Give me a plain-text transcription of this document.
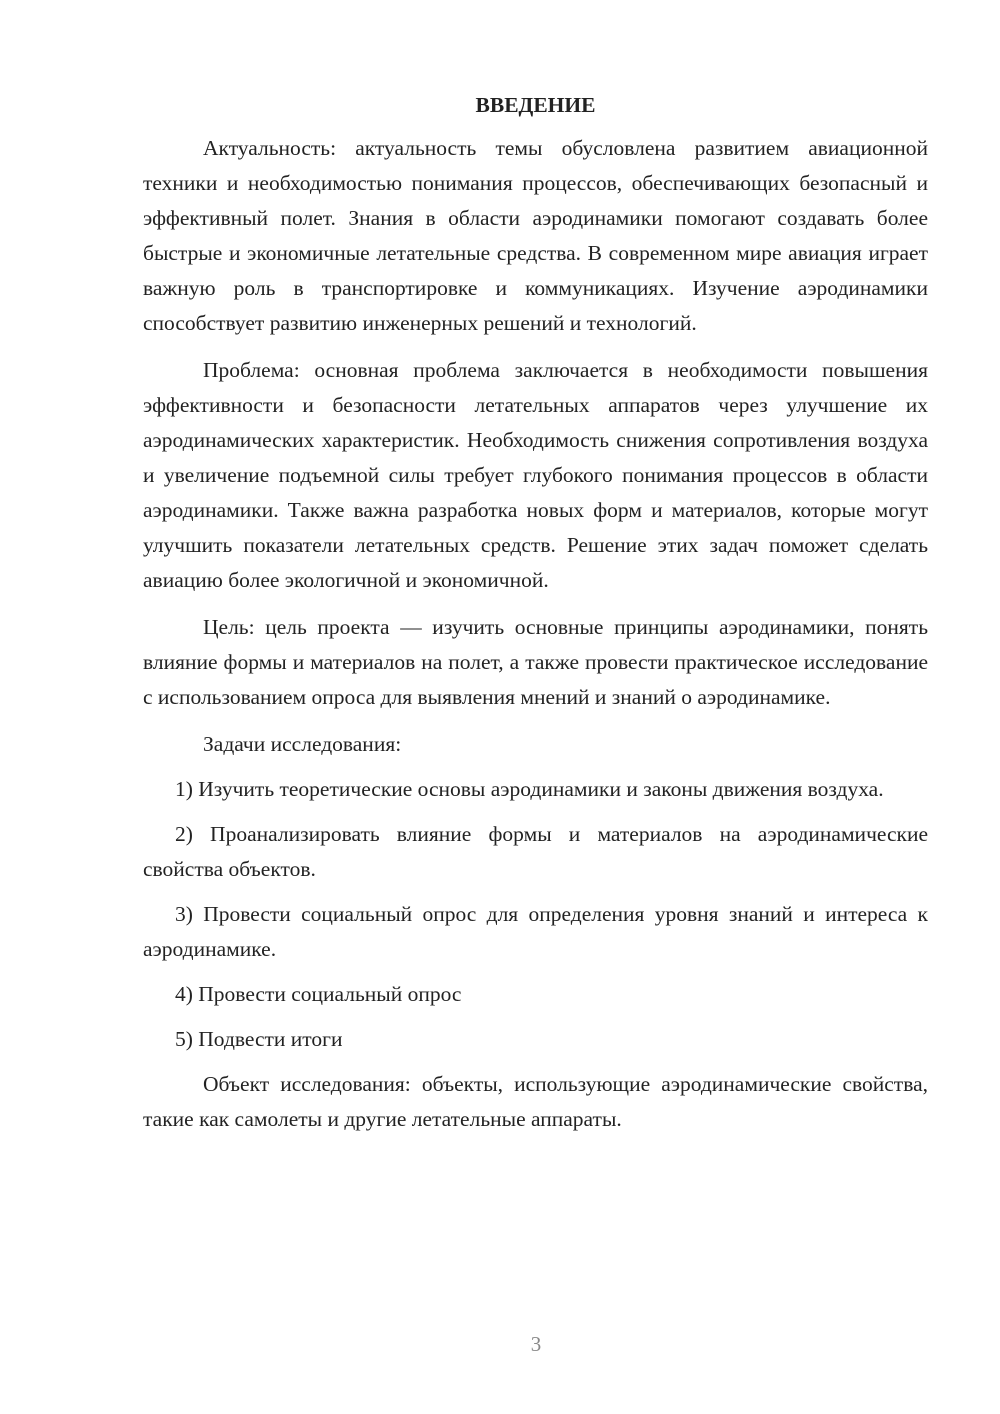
ВВЕДЕНИЕ

Актуальность: актуальность темы обусловлена развитием авиационной техники и необходимостью понимания процессов, обеспечивающих безопасный и эффективный полет. Знания в области аэродинамики помогают создавать более быстрые и экономичные летательные средства. В современном мире авиация играет важную роль в транспортировке и коммуникациях. Изучение аэродинамики способствует развитию инженерных решений и технологий.

Проблема: основная проблема заключается в необходимости повышения эффективности и безопасности летательных аппаратов через улучшение их аэродинамических характеристик. Необходимость снижения сопротивления воздуха и увеличение подъемной силы требует глубокого понимания процессов в области аэродинамики. Также важна разработка новых форм и материалов, которые могут улучшить показатели летательных средств. Решение этих задач поможет сделать авиацию более экологичной и экономичной.

Цель: цель проекта — изучить основные принципы аэродинамики, понять влияние формы и материалов на полет, а также провести практическое исследование с использованием опроса для выявления мнений и знаний о аэродинамике.

Задачи исследования:

1) Изучить теоретические основы аэродинамики и законы движения воздуха.

2) Проанализировать влияние формы и материалов на аэродинамические свойства объектов.

3) Провести социальный опрос для определения уровня знаний и интереса к аэродинамике.

4) Провести социальный опрос

5) Подвести итоги

Объект исследования: объекты, использующие аэродинамические свойства, такие как самолеты и другие летательные аппараты.

3
